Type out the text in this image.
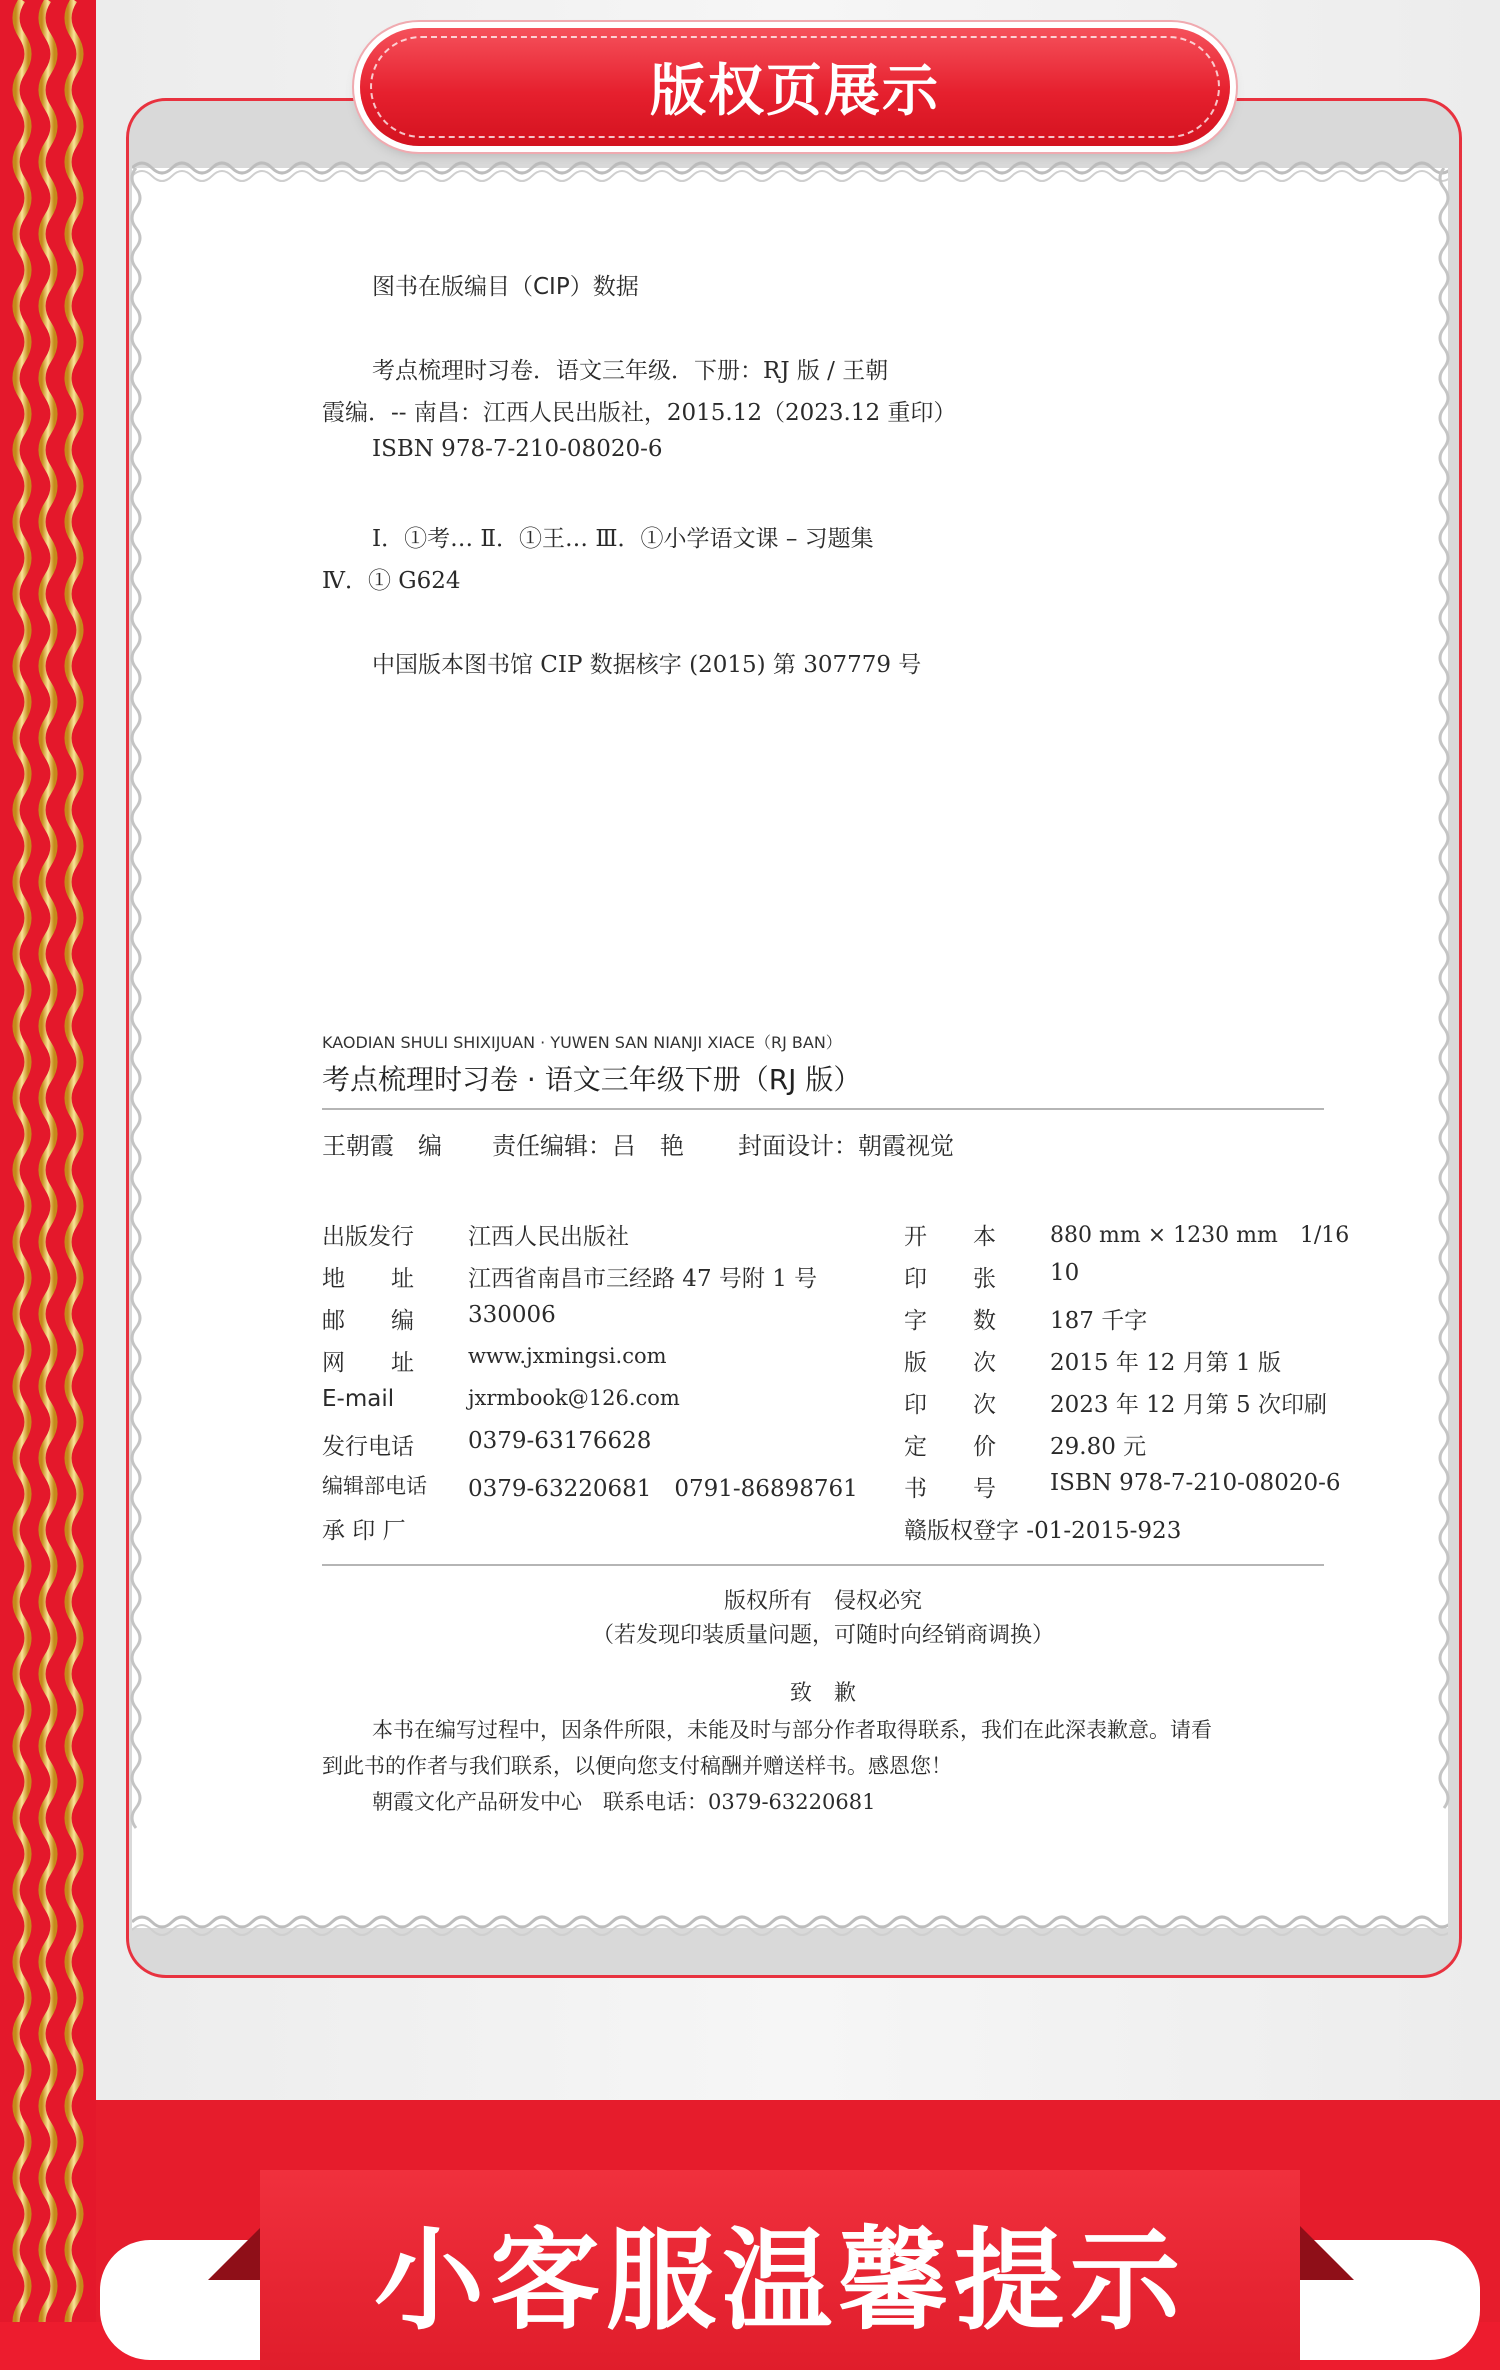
版权页展示
图书在版编目（CIP）数据
考点梳理时习卷．语文三年级．下册：RJ 版 / 王朝
霞编．-- 南昌：江西人民出版社，2015.12（2023.12 重印）
ISBN 978-7-210-08020-6
Ⅰ．①考… Ⅱ．①王… Ⅲ．①小学语文课 – 习题集
Ⅳ．① G624
中国版本图书馆 CIP 数据核字 (2015) 第 307779 号
KAODIAN SHULI SHIXIJUAN · YUWEN SAN NIANJI XIACE（RJ BAN）
考点梳理时习卷 · 语文三年级下册（RJ 版）
王朝霞　编 责任编辑：吕　艳 封面设计：朝霞视觉
出版发行 江西人民出版社
地　　址 江西省南昌市三经路 47 号附 1 号
邮　　编 330006
网　　址	www.jxmingsi.com
E-mail	jxrmbook@126.com
发行电话 0379-63176628
编辑部电话 0379-63220681　0791-86898761
承 印 厂
开　　本 880 mm × 1230 mm　1/16
印　　张 10
字　　数 187 千字
版　　次 2015 年 12 月第 1 版
印　　次 2023 年 12 月第 5 次印刷
定　　价 29.80 元
书　　号 ISBN 978-7-210-08020-6
赣版权登字 -01-2015-923
版权所有　侵权必究
（若发现印装质量问题，可随时向经销商调换）
致　歉
本书在编写过程中，因条件所限，未能及时与部分作者取得联系，我们在此深表歉意。请看
到此书的作者与我们联系，以便向您支付稿酬并赠送样书。感恩您！
朝霞文化产品研发中心　联系电话：0379-63220681
小客服温馨提示
